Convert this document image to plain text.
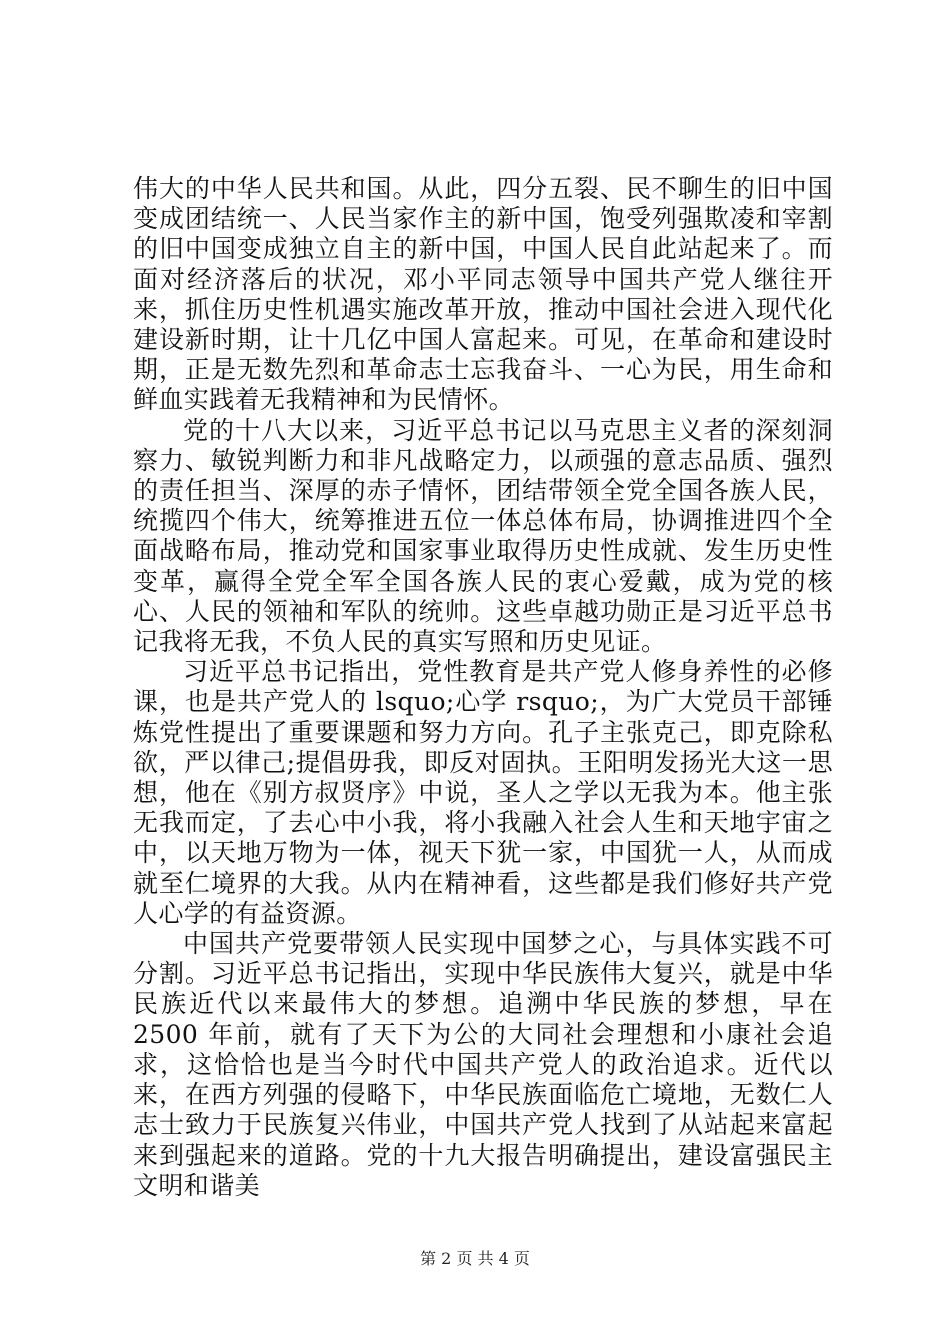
伟大的中华人民共和国。从此，四分五裂、民不聊生的旧中国变成团结统一、人民当家作主的新中国，饱受列强欺凌和宰割的旧中国变成独立自主的新中国，中国人民自此站起来了。而面对经济落后的状况，邓小平同志领导中国共产党人继往开来，抓住历史性机遇实施改革开放，推动中国社会进入现代化建设新时期，让十几亿中国人富起来。可见，在革命和建设时期，正是无数先烈和革命志士忘我奋斗、一心为民，用生命和鲜血实践着无我精神和为民情怀。

党的十八大以来，习近平总书记以马克思主义者的深刻洞察力、敏锐判断力和非凡战略定力，以顽强的意志品质、强烈的责任担当、深厚的赤子情怀，团结带领全党全国各族人民，统揽四个伟大，统筹推进五位一体总体布局，协调推进四个全面战略布局，推动党和国家事业取得历史性成就、发生历史性变革，赢得全党全军全国各族人民的衷心爱戴，成为党的核心、人民的领袖和军队的统帅。这些卓越功勋正是习近平总书记我将无我，不负人民的真实写照和历史见证。

习近平总书记指出，党性教育是共产党人修身养性的必修课，也是共产党人的 lsquo;心学 rsquo;，为广大党员干部锤炼党性提出了重要课题和努力方向。孔子主张克己，即克除私欲，严以律己;提倡毋我，即反对固执。王阳明发扬光大这一思想，他在《别方叔贤序》中说，圣人之学以无我为本。他主张无我而定，了去心中小我，将小我融入社会人生和天地宇宙之中，以天地万物为一体，视天下犹一家，中国犹一人，从而成就至仁境界的大我。从内在精神看，这些都是我们修好共产党人心学的有益资源。

中国共产党要带领人民实现中国梦之心，与具体实践不可分割。习近平总书记指出，实现中华民族伟大复兴，就是中华民族近代以来最伟大的梦想。追溯中华民族的梦想，早在 2500 年前，就有了天下为公的大同社会理想和小康社会追求，这恰恰也是当今时代中国共产党人的政治追求。近代以来，在西方列强的侵略下，中华民族面临危亡境地，无数仁人志士致力于民族复兴伟业，中国共产党人找到了从站起来富起来到强起来的道路。党的十九大报告明确提出，建设富强民主文明和谐美

第 2 页 共 4 页
